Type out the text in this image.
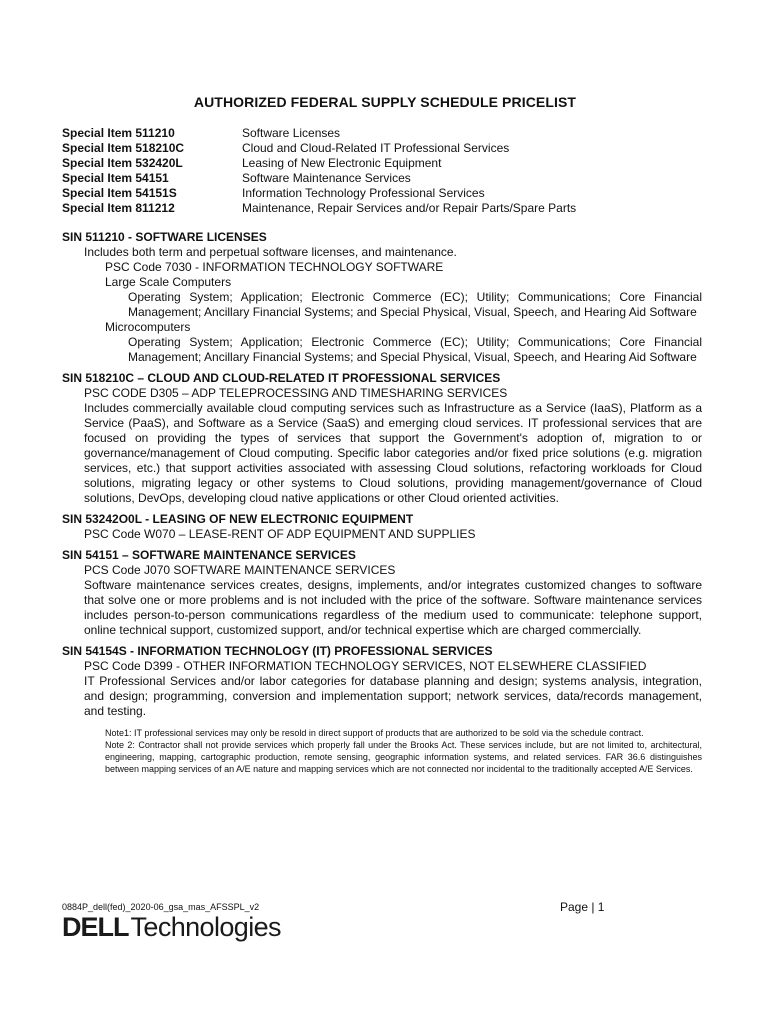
AUTHORIZED FEDERAL SUPPLY SCHEDULE PRICELIST
Special Item 511210	Software Licenses
Special Item 518210C	Cloud and Cloud-Related IT Professional Services
Special Item 532420L	Leasing of New Electronic Equipment
Special Item 54151	Software Maintenance Services
Special Item 54151S	Information Technology Professional Services
Special Item 811212	Maintenance, Repair Services and/or Repair Parts/Spare Parts
SIN 511210 - SOFTWARE LICENSES
Includes both term and perpetual software licenses, and maintenance.
PSC Code 7030 - INFORMATION TECHNOLOGY SOFTWARE
Large Scale Computers
Operating System; Application; Electronic Commerce (EC); Utility; Communications; Core Financial Management; Ancillary Financial Systems; and Special Physical, Visual, Speech, and Hearing Aid Software
Microcomputers
Operating System; Application; Electronic Commerce (EC); Utility; Communications; Core Financial Management; Ancillary Financial Systems; and Special Physical, Visual, Speech, and Hearing Aid Software
SIN 518210C – CLOUD AND CLOUD-RELATED IT PROFESSIONAL SERVICES
PSC CODE D305 – ADP TELEPROCESSING AND TIMESHARING SERVICES
Includes commercially available cloud computing services such as Infrastructure as a Service (IaaS), Platform as a Service (PaaS), and Software as a Service (SaaS) and emerging cloud services. IT professional services that are focused on providing the types of services that support the Government's adoption of, migration to or governance/management of Cloud computing. Specific labor categories and/or fixed price solutions (e.g. migration services, etc.) that support activities associated with assessing Cloud solutions, refactoring workloads for Cloud solutions, migrating legacy or other systems to Cloud solutions, providing management/governance of Cloud solutions, DevOps, developing cloud native applications or other Cloud oriented activities.
SIN 53242O0L - LEASING OF NEW ELECTRONIC EQUIPMENT
PSC Code W070 – LEASE-RENT OF ADP EQUIPMENT AND SUPPLIES
SIN 54151 – SOFTWARE MAINTENANCE SERVICES
PCS Code J070 SOFTWARE MAINTENANCE SERVICES
Software maintenance services creates, designs, implements, and/or integrates customized changes to software that solve one or more problems and is not included with the price of the software. Software maintenance services includes person-to-person communications regardless of the medium used to communicate: telephone support, online technical support, customized support, and/or technical expertise which are charged commercially.
SIN 54154S - INFORMATION TECHNOLOGY (IT) PROFESSIONAL SERVICES
PSC Code D399 - OTHER INFORMATION TECHNOLOGY SERVICES, NOT ELSEWHERE CLASSIFIED
IT Professional Services and/or labor categories for database planning and design; systems analysis, integration, and design; programming, conversion and implementation support; network services, data/records management, and testing.
Note1: IT professional services may only be resold in direct support of products that are authorized to be sold via the schedule contract.
Note 2: Contractor shall not provide services which properly fall under the Brooks Act. These services include, but are not limited to, architectural, engineering, mapping, cartographic production, remote sensing, geographic information systems, and related services. FAR 36.6 distinguishes between mapping services of an A/E nature and mapping services which are not connected nor incidental to the traditionally accepted A/E Services.
0884P_dell(fed)_2020-06_gsa_mas_AFSSPL_v2	Page | 1
DELL Technologies
